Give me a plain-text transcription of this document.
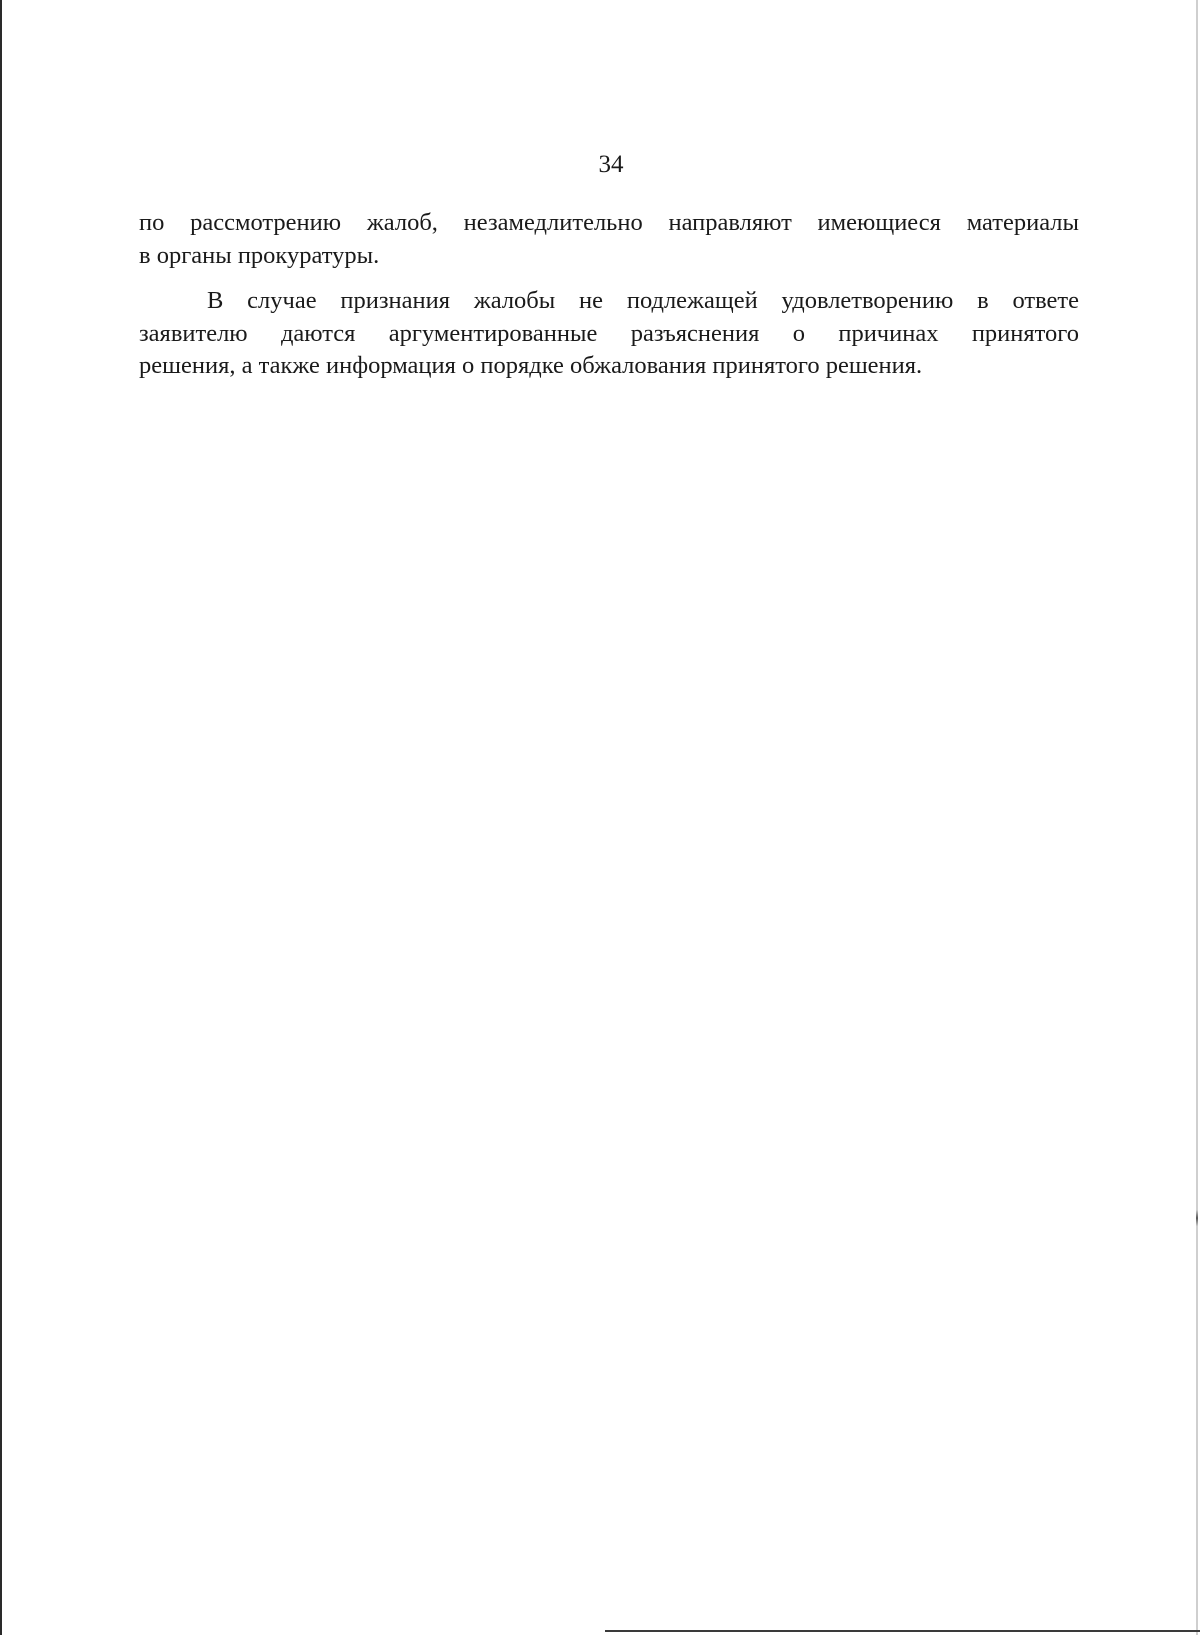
34
по рассмотрению жалоб, незамедлительно направляют имеющиеся материалы
в органы прокуратуры.
В случае признания жалобы не подлежащей удовлетворению в ответе
заявителю даются аргументированные разъяснения о причинах принятого
решения, а также информация о порядке обжалования принятого решения.
